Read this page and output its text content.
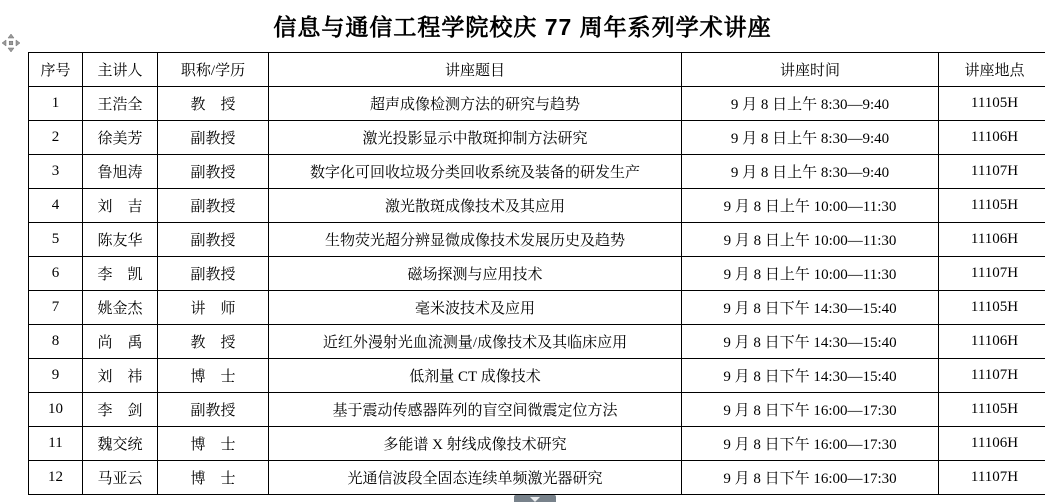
信息与通信工程学院校庆 77 周年系列学术讲座
序号	主讲人	职称/学历	讲座题目	讲座时间	讲座地点
1	王浩全	教　授	超声成像检测方法的研究与趋势	9 月 8 日上午 8:30—9:40	11105H
2	徐美芳	副教授	激光投影显示中散斑抑制方法研究	9 月 8 日上午 8:30—9:40	11106H
3	鲁旭涛	副教授	数字化可回收垃圾分类回收系统及装备的研发生产	9 月 8 日上午 8:30—9:40	11107H
4	刘　吉	副教授	激光散斑成像技术及其应用	9 月 8 日上午 10:00—11:30	11105H
5	陈友华	副教授	生物荧光超分辨显微成像技术发展历史及趋势	9 月 8 日上午 10:00—11:30	11106H
6	李　凯	副教授	磁场探测与应用技术	9 月 8 日上午 10:00—11:30	11107H
7	姚金杰	讲　师	毫米波技术及应用	9 月 8 日下午 14:30—15:40	11105H
8	尚　禹	教　授	近红外漫射光血流测量/成像技术及其临床应用	9 月 8 日下午 14:30—15:40	11106H
9	刘　祎	博　士	低剂量 CT 成像技术	9 月 8 日下午 14:30—15:40	11107H
10	李　剑	副教授	基于震动传感器阵列的盲空间微震定位方法	9 月 8 日下午 16:00—17:30	11105H
11	魏交统	博　士	多能谱 X 射线成像技术研究	9 月 8 日下午 16:00—17:30	11106H
12	马亚云	博　士	光通信波段全固态连续单频激光器研究	9 月 8 日下午 16:00—17:30	11107H
